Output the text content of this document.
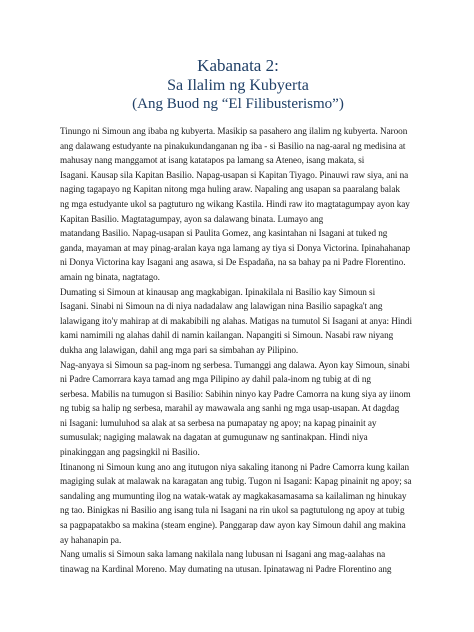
Kabanata 2:
Sa Ilalim ng Kubyerta
(Ang Buod ng “El Filibusterismo”)
Tinungo ni Simoun ang ibaba ng kubyerta. Masikip sa pasahero ang ilalim ng kubyerta. Naroon
ang dalawang estudyante na pinakukundanganan ng iba - si Basilio na nag-aaral ng medisina at
mahusay nang manggamot at isang katatapos pa lamang sa Ateneo, isang makata, si
Isagani. Kausap sila Kapitan Basilio. Napag-usapan si Kapitan Tiyago. Pinauwi raw siya, ani na
naging tagapayo ng Kapitan nitong mga huling araw. Napaling ang usapan sa paaralang balak
ng mga estudyante ukol sa pagtuturo ng wikang Kastila. Hindi raw ito magtatagumpay ayon kay
Kapitan Basilio. Magtatagumpay, ayon sa dalawang binata. Lumayo ang
matandang Basilio. Napag-usapan si Paulita Gomez, ang kasintahan ni Isagani at tuked ng
ganda, mayaman at may pinag-aralan kaya nga lamang ay tiya si Donya Victorina. Ipinahahanap
ni Donya Victorina kay Isagani ang asawa, si De Espadaña, na sa bahay pa ni Padre Florentino.
amain ng binata, nagtatago.
Dumating si Simoun at kinausap ang magkabigan. Ipinakilala ni Basilio kay Simoun si
Isagani. Sinabi ni Simoun na di niya nadadalaw ang lalawigan nina Basilio sapagka't ang
lalawigang ito'y mahirap at di makabibili ng alahas. Matigas na tumutol Si Isagani at anya: Hindi
kami namimili ng alahas dahil di namin kailangan. Napangiti si Simoun. Nasabi raw niyang
dukha ang lalawigan, dahil ang mga pari sa simbahan ay Pilipino.
Nag-anyaya si Simoun sa pag-inom ng serbesa. Tumanggi ang dalawa. Ayon kay Simoun, sinabi
ni Padre Camorrara kaya tamad ang mga Pilipino ay dahil pala-inom ng tubig at di ng
serbesa. Mabilis na tumugon si Basilio: Sabihin ninyo kay Padre Camorra na kung siya ay iinom
ng tubig sa halip ng serbesa, marahil ay mawawala ang sanhi ng mga usap-usapan. At dagdag
ni Isagani: lumuluhod sa alak at sa serbesa na pumapatay ng apoy; na kapag pinainit ay
sumusulak; nagiging malawak na dagatan at gumugunaw ng santinakpan. Hindi niya
pinakinggan ang pagsingkil ni Basilio.
Itinanong ni Simoun kung ano ang itutugon niya sakaling itanong ni Padre Camorra kung kailan
magiging sulak at malawak na karagatan ang tubig. Tugon ni Isagani: Kapag pinainit ng apoy; sa
sandaling ang mumunting ilog na watak-watak ay magkakasamasama sa kailaliman ng hinukay
ng tao. Binigkas ni Basilio ang isang tula ni Isagani na rin ukol sa pagtutulong ng apoy at tubig
sa pagpapatakbo sa makina (steam engine). Panggarap daw ayon kay Simoun dahil ang makina
ay hahanapin pa.
Nang umalis si Simoun saka lamang nakilala nang lubusan ni Isagani ang mag-aalahas na
tinawag na Kardinal Moreno. May dumating na utusan. Ipinatawag ni Padre Florentino ang
